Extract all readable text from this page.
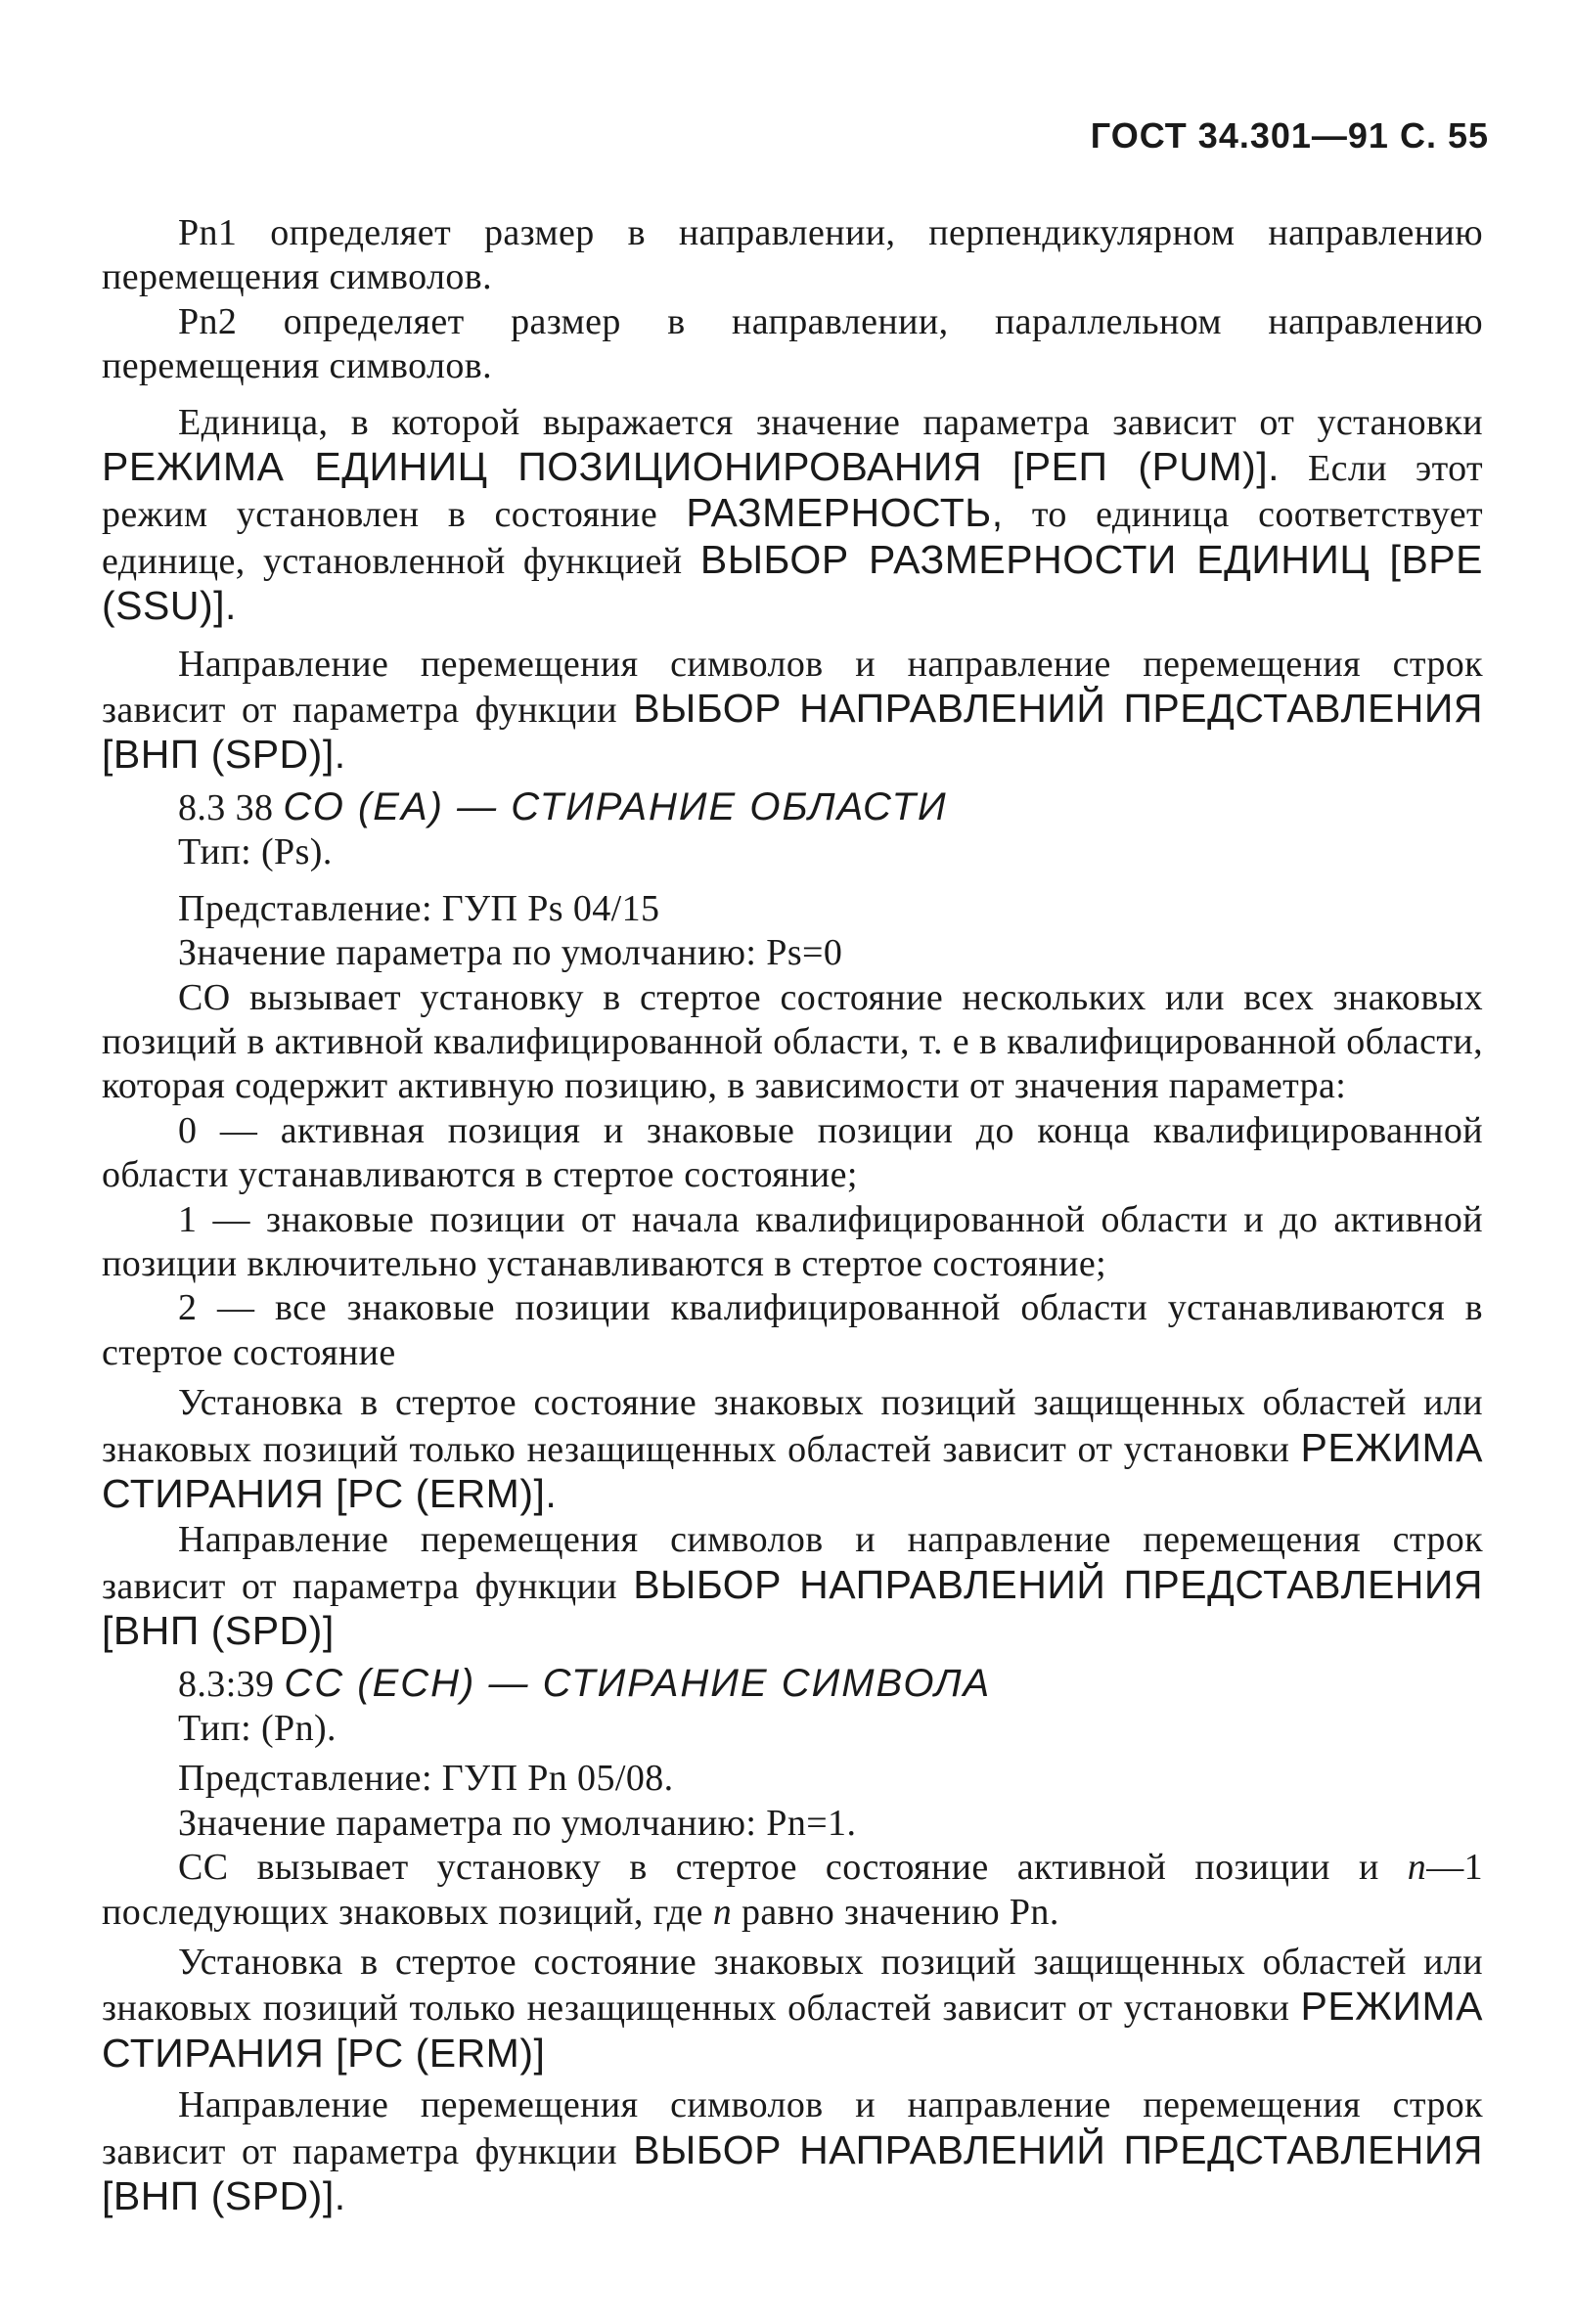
ГОСТ 34.301—91 С. 55

Pn1 определяет размер в направлении, перпендикулярном направлению перемещения символов.

Pn2 определяет размер в направлении, параллельном направлению перемещения символов.

Единица, в которой выражается значение параметра зависит от установки РЕЖИМА ЕДИНИЦ ПОЗИЦИОНИРОВАНИЯ [РЕП (PUM)]. Если этот режим установлен в состояние РАЗМЕРНОСТЬ, то единица соответствует единице, установленной функцией ВЫБОР РАЗМЕРНОСТИ ЕДИНИЦ [ВРЕ (SSU)].

Направление перемещения символов и направление перемещения строк зависит от параметра функции ВЫБОР НАПРАВЛЕНИЙ ПРЕДСТАВЛЕНИЯ [ВНП (SPD)].

8.3 38 СО (ЕА) — СТИРАНИЕ ОБЛАСТИ

Тип: (Ps).

Представление: ГУП Ps 04/15

Значение параметра по умолчанию: Ps=0

СО вызывает установку в стертое состояние нескольких или всех знаковых позиций в активной квалифицированной области, т. е в квалифицированной области, которая содержит активную позицию, в зависимости от значения параметра:

0 — активная позиция и знаковые позиции до конца квалифицированной области устанавливаются в стертое состояние;

1 — знаковые позиции от начала квалифицированной области и до активной позиции включительно устанавливаются в стертое состояние;

2 — все знаковые позиции квалифицированной области устанавливаются в стертое состояние

Установка в стертое состояние знаковых позиций защищенных областей или знаковых позиций только незащищенных областей зависит от установки РЕЖИМА СТИРАНИЯ [РС (ERM)].

Направление перемещения символов и направление перемещения строк зависит от параметра функции ВЫБОР НАПРАВЛЕНИЙ ПРЕДСТАВЛЕНИЯ [ВНП (SPD)]

8.3:39 СС (ЕСН) — СТИРАНИЕ СИМВОЛА

Тип: (Pn).

Представление: ГУП Pn 05/08.

Значение параметра по умолчанию: Pn=1.

СС вызывает установку в стертое состояние активной позиции и n—1 последующих знаковых позиций, где n равно значению Pn.

Установка в стертое состояние знаковых позиций защищенных областей или знаковых позиций только незащищенных областей зависит от установки РЕЖИМА СТИРАНИЯ [РС (ERM)]

Направление перемещения символов и направление перемещения строк зависит от параметра функции ВЫБОР НАПРАВЛЕНИЙ ПРЕДСТАВЛЕНИЯ [ВНП (SPD)].
